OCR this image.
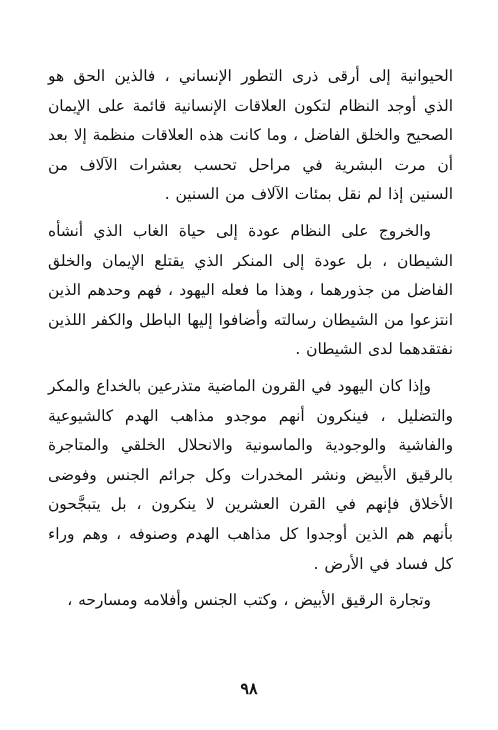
الحيوانية إلى أرقى ذرى التطور الإنساني ، فالذين الحق هو الذي أوجد النظام لتكون العلاقات الإنسانية قائمة على الإيمان الصحيح والخلق الفاضل ، وما كانت هذه العلاقات منظمة إلا بعد أن مرت البشرية في مراحل تحسب بعشرات الآلاف من السنين إذا لم نقل بمئات الآلاف من السنين .

والخروج على النظام عودة إلى حياة الغاب الذي أنشأه الشيطان ، بل عودة إلى المنكر الذي يقتلع الإيمان والخلق الفاضل من جذورهما ، وهذا ما فعله اليهود ، فهم وحدهم الذين انتزعوا من الشيطان رسالته وأضافوا إليها الباطل والكفر اللذين نفتقدهما لدى الشيطان .

وإذا كان اليهود في القرون الماضية متذرعين بالخداع والمكر والتضليل ، فينكرون أنهم موجدو مذاهب الهدم كالشيوعية والفاشية والوجودية والماسونية والانحلال الخلقي والمتاجرة بالرقيق الأبيض ونشر المخدرات وكل جرائم الجنس وفوضى الأخلاق فإنهم في القرن العشرين لا ينكرون ، بل يتبجَّحون بأنهم هم الذين أوجدوا كل مذاهب الهدم وصنوفه ، وهم وراء كل فساد في الأرض .

وتجارة الرقيق الأبيض ، وكتب الجنس وأفلامه ومسارحه ،

٩٨
